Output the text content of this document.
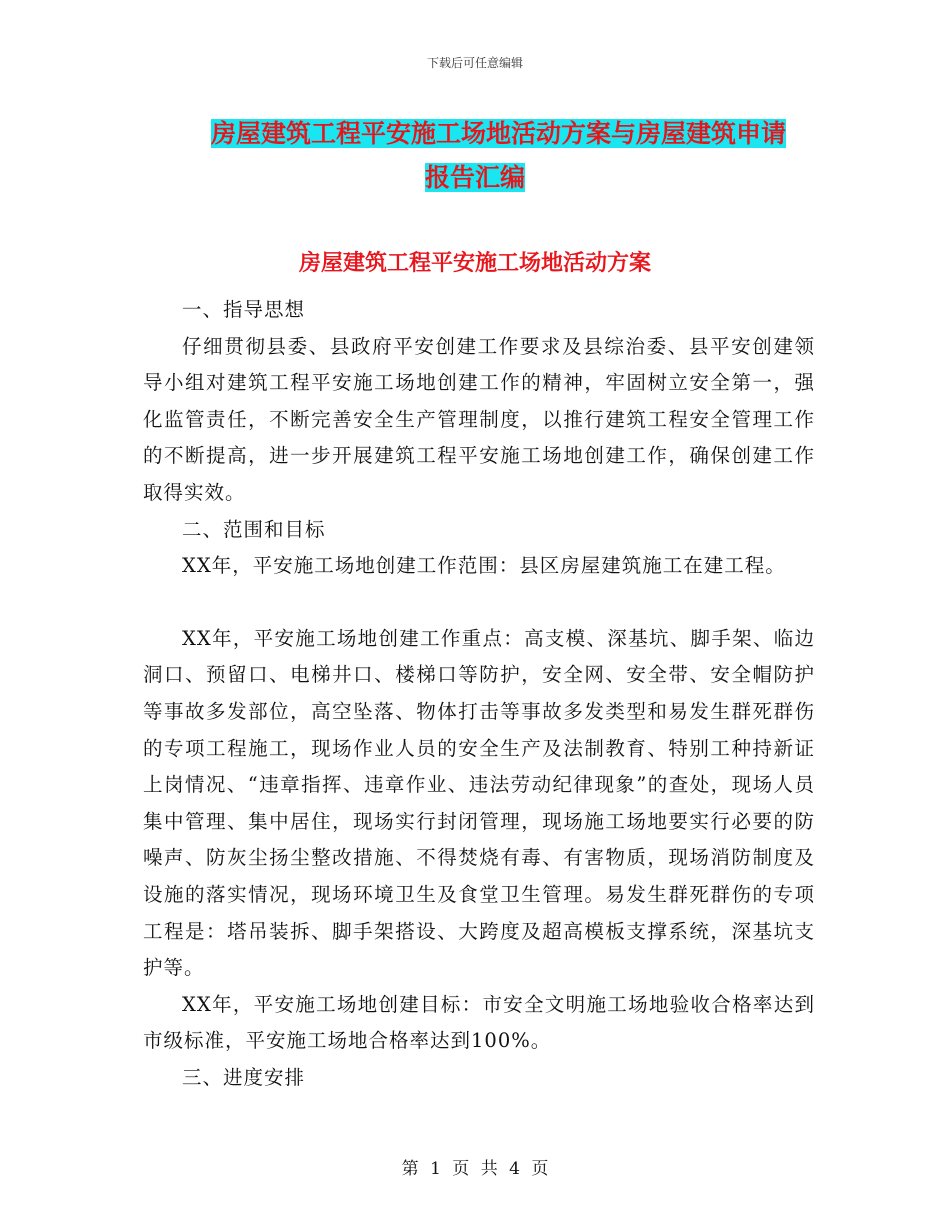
下载后可任意编辑
房屋建筑工程平安施工场地活动方案与房屋建筑申请
报告汇编
房屋建筑工程平安施工场地活动方案

一、指导思想

仔细贯彻县委、县政府平安创建工作要求及县综治委、县平安创建领导小组对建筑工程平安施工场地创建工作的精神，牢固树立安全第一，强化监管责任，不断完善安全生产管理制度，以推行建筑工程安全管理工作的不断提高，进一步开展建筑工程平安施工场地创建工作，确保创建工作取得实效。

二、范围和目标

XX年，平安施工场地创建工作范围：县区房屋建筑施工在建工程。

XX年，平安施工场地创建工作重点：高支模、深基坑、脚手架、临边洞口、预留口、电梯井口、楼梯口等防护，安全网、安全带、安全帽防护等事故多发部位，高空坠落、物体打击等事故多发类型和易发生群死群伤的专项工程施工，现场作业人员的安全生产及法制教育、特别工种持新证上岗情况、“违章指挥、违章作业、违法劳动纪律现象”的查处，现场人员集中管理、集中居住，现场实行封闭管理，现场施工场地要实行必要的防噪声、防灰尘扬尘整改措施、不得焚烧有毒、有害物质，现场消防制度及设施的落实情况，现场环境卫生及食堂卫生管理。易发生群死群伤的专项工程是：塔吊装拆、脚手架搭设、大跨度及超高模板支撑系统，深基坑支护等。

XX年，平安施工场地创建目标：市安全文明施工场地验收合格率达到市级标准，平安施工场地合格率达到100%。

三、进度安排

第 1 页 共 4 页
